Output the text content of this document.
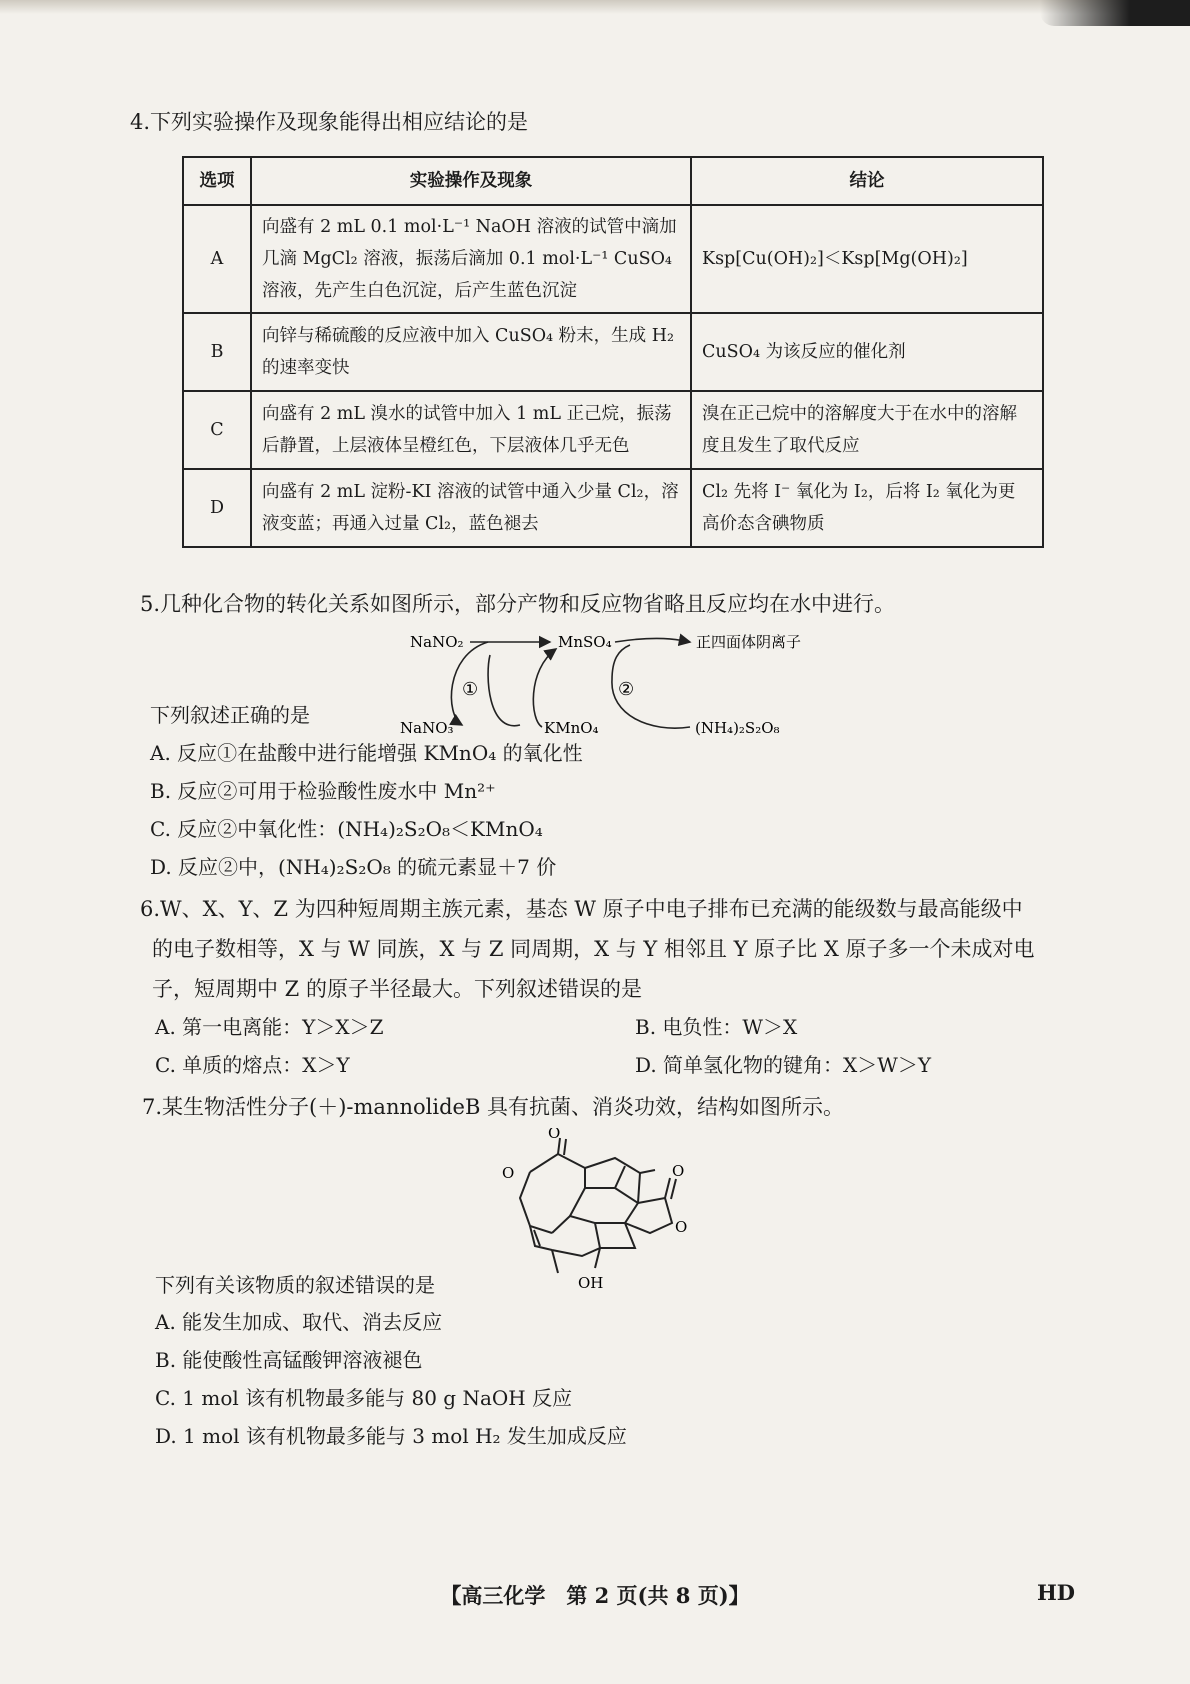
4.下列实验操作及现象能得出相应结论的是
选项	实验操作及现象	结论
A	向盛有 2 mL 0.1 mol·L⁻¹ NaOH 溶液的试管中滴加几滴 MgCl₂ 溶液，振荡后滴加 0.1 mol·L⁻¹ CuSO₄ 溶液，先产生白色沉淀，后产生蓝色沉淀	Ksp[Cu(OH)₂]＜Ksp[Mg(OH)₂]
B	向锌与稀硫酸的反应液中加入 CuSO₄ 粉末，生成 H₂ 的速率变快	CuSO₄ 为该反应的催化剂
C	向盛有 2 mL 溴水的试管中加入 1 mL 正己烷，振荡后静置，上层液体呈橙红色，下层液体几乎无色	溴在正己烷中的溶解度大于在水中的溶解度且发生了取代反应
D	向盛有 2 mL 淀粉-KI 溶液的试管中通入少量 Cl₂，溶液变蓝；再通入过量 Cl₂，蓝色褪去	Cl₂ 先将 I⁻ 氧化为 I₂，后将 I₂ 氧化为更高价态含碘物质
5.几种化合物的转化关系如图所示，部分产物和反应物省略且反应均在水中进行。
NaNO₂	MnSO₄	正四面体阴离子
NaNO₃	KMnO₄	(NH₄)₂S₂O₈
①	②
下列叙述正确的是
A. 反应①在盐酸中进行能增强 KMnO₄ 的氧化性
B. 反应②可用于检验酸性废水中 Mn²⁺
C. 反应②中氧化性：(NH₄)₂S₂O₈＜KMnO₄
D. 反应②中，(NH₄)₂S₂O₈ 的硫元素显＋7 价
6.W、X、Y、Z 为四种短周期主族元素，基态 W 原子中电子排布已充满的能级数与最高能级中
的电子数相等，X 与 W 同族，X 与 Z 同周期，X 与 Y 相邻且 Y 原子比 X 原子多一个未成对电
子，短周期中 Z 的原子半径最大。下列叙述错误的是
A. 第一电离能：Y＞X＞Z	B. 电负性：W＞X
C. 单质的熔点：X＞Y	D. 简单氢化物的键角：X＞W＞Y
7.某生物活性分子(＋)-mannolideB 具有抗菌、消炎功效，结构如图所示。
O
O
O
O
OH
下列有关该物质的叙述错误的是
A. 能发生加成、取代、消去反应
B. 能使酸性高锰酸钾溶液褪色
C. 1 mol 该有机物最多能与 80 g NaOH 反应
D. 1 mol 该有机物最多能与 3 mol H₂ 发生加成反应
【高三化学　第 2 页(共 8 页)】	HD
